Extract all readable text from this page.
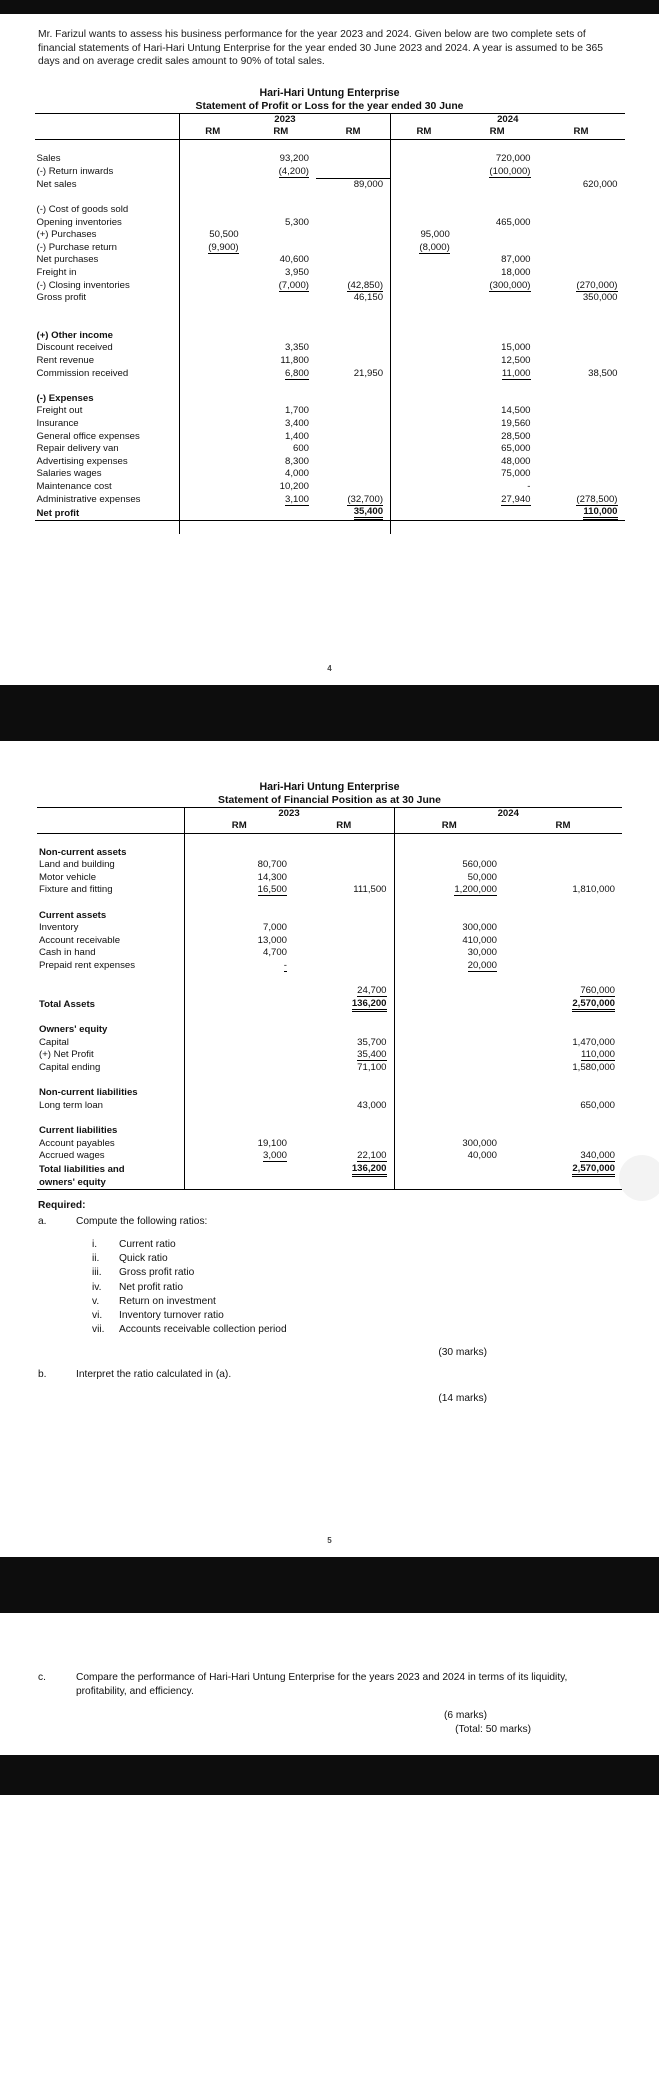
Mr. Farizul wants to assess his business performance for the year 2023 and 2024. Given below are two complete sets of financial statements of Hari-Hari Untung Enterprise for the year ended 30 June 2023 and 2024. A year is assumed to be 365 days and on average credit sales amount to 90% of total sales.
Hari-Hari Untung Enterprise
Statement of Profit or Loss for the year ended 30 June
	2023			2024		
	RM	RM	RM	RM	RM	RM

Sales		93,200			720,000	
(-) Return inwards		(4,200)			(100,000)	
Net sales			89,000			620,000

(-) Cost of goods sold						
Opening inventories		5,300			465,000	
(+) Purchases	50,500			95,000		
(-) Purchase return	(9,900)			(8,000)		
Net purchases		40,600			87,000	
Freight in		3,950			18,000	
(-) Closing inventories		(7,000)	(42,850)		(300,000)	(270,000)
Gross profit			46,150			350,000

(+) Other income						
Discount received		3,350			15,000	
Rent revenue		11,800			12,500	
Commission received		6,800	21,950		11,000	38,500

(-) Expenses						
Freight out		1,700			14,500	
Insurance		3,400			19,560	
General office expenses		1,400			28,500	
Repair delivery van		600			65,000	
Advertising expenses		8,300			48,000	
Salaries wages		4,000			75,000	
Maintenance cost		10,200			-	
Administrative expenses		3,100	(32,700)		27,940	(278,500)
Net profit			35,400			110,000

4
Hari-Hari Untung Enterprise
Statement of Financial Position as at 30 June
	2023		2024	
	RM	RM	RM	RM

Non-current assets				
Land and building	80,700		560,000	
Motor vehicle	14,300		50,000	
Fixture and fitting	16,500	111,500	1,200,000	1,810,000

Current assets				
Inventory	7,000		300,000	
Account receivable	13,000		410,000	
Cash in hand	4,700		30,000	
Prepaid rent expenses	-		20,000	

		24,700		760,000
Total Assets		136,200		2,570,000

Owners' equity				
Capital		35,700		1,470,000
(+) Net Profit		35,400		110,000
Capital ending		71,100		1,580,000

Non-current liabilities				
Long term loan		43,000		650,000

Current liabilities				
Account payables	19,100		300,000	
Accrued wages	3,000	22,100	40,000	340,000
Total liabilities and		136,200		2,570,000
owners' equity				
Required:
a.	Compute the following ratios:
i.	Current ratio
ii.	Quick ratio
iii.	Gross profit ratio
iv.	Net profit ratio
v.	Return on investment
vi.	Inventory turnover ratio
vii.	Accounts receivable collection period
(30 marks)
b.	Interpret the ratio calculated in (a).
(14 marks)
5
c.	Compare the performance of Hari-Hari Untung Enterprise for the years 2023 and 2024 in terms of its liquidity, profitability, and efficiency.
(6 marks)
(Total: 50 marks)
